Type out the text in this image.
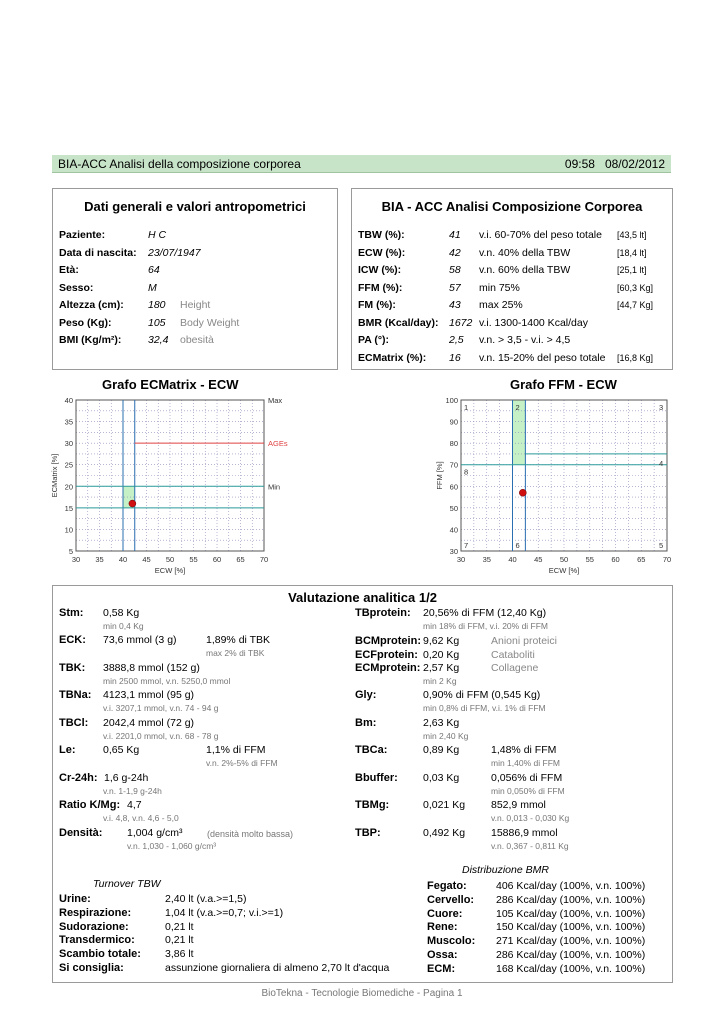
BIA-ACC Analisi della composizione corporea	09:58 08/02/2012
Dati generali e valori antropometrici
Paziente:	H C
Data di nascita: 23/07/1947
Età:	64
Sesso:	M
Altezza (cm): 180 Height
Peso (Kg):	105 Body Weight
BMI (Kg/m²):	32,4 obesità
BIA - ACC Analisi Composizione Corporea
TBW (%):	41 v.i. 60-70% del peso totale [43,5 lt]
ECW (%):	42 v.n. 40% della TBW	[18,4 lt]
ICW (%):	58 v.n. 60% della TBW	[25,1 lt]
FFM (%):	57 min 75%	[60,3 Kg]
FM (%):	43 max 25%	[44,7 Kg]
BMR (Kcal/day): 1672 v.i. 1300-1400 Kcal/day
PA (°):	2,5 v.n. > 3,5 - v.i. > 4,5
ECMatrix (%): 16 v.n. 15-20% del peso totale [16,8 Kg]
Grafo ECMatrix - ECW	Grafo FFM - ECW
30 35 40 45 50 55 60 65 70
5
10
15
20
25
30
35
40
ECW [%]
ECMatrix [%]
Max
AGEs
Min
30 35 40 45 50 55 60 65 70
30
40
50
60
70
80
90
100
ECW [%]
FFM [%]
1	2	3
4
5
6
7
8
Valutazione analitica 1/2
Stm: 0,58 Kg
min 0,4 Kg
ECK: 73,6 mmol (3 g)	1,89% di TBK
max 2% di TBK
TBK: 3888,8 mmol (152 g)
min 2500 mmol, v.n. 5250,0 mmol
TBNa: 4123,1 mmol (95 g)
v.i. 3207,1 mmol, v.n. 74 - 94 g
TBCl: 2042,4 mmol (72 g)
v.i. 2201,0 mmol, v.n. 68 - 78 g
Le:	0,65 Kg	1,1% di FFM
v.n. 2%-5% di FFM
Cr-24h: 1,6 g-24h
v.n. 1-1,9 g-24h
Ratio K/Mg: 4,7
v.i. 4,8, v.n. 4,6 - 5,0
Densità: 1,004 g/cm³	(densità molto bassa)
v.n. 1,030 - 1,060 g/cm³
TBprotein: 20,56% di FFM (12,40 Kg)
min 18% di FFM, v.i. 20% di FFM
BCMprotein: 9,62 Kg	Anioni proteici
ECFprotein: 0,20 Kg	Cataboliti
ECMprotein: 2,57 Kg	Collagene
min 2 Kg
Gly:	0,90% di FFM (0,545 Kg)
min 0,8% di FFM, v.i. 1% di FFM
Bm:	2,63 Kg
min 2,40 Kg
TBCa:	0,89 Kg	1,48% di FFM
min 1,40% di FFM
Bbuffer: 0,03 Kg	0,056% di FFM
min 0,050% di FFM
TBMg:	0,021 Kg 852,9 mmol
v.n. 0,013 - 0,030 Kg
TBP:	0,492 Kg 15886,9 mmol
v.n. 0,367 - 0,811 Kg
Turnover TBW
Urine:	2,40 lt (v.a.>=1,5)
Respirazione:	1,04 lt (v.a.>=0,7; v.i.>=1)
Sudorazione:	0,21 lt
Transdermico:	0,21 lt
Scambio totale: 3,86 lt
Si consiglia:	assunzione giornaliera di almeno 2,70 lt d'acqua
Distribuzione BMR
Fegato:	406 Kcal/day (100%, v.n. 100%)
Cervello: 286 Kcal/day (100%, v.n. 100%)
Cuore:	105 Kcal/day (100%, v.n. 100%)
Rene:	150 Kcal/day (100%, v.n. 100%)
Muscolo: 271 Kcal/day (100%, v.n. 100%)
Ossa:	286 Kcal/day (100%, v.n. 100%)
ECM:	168 Kcal/day (100%, v.n. 100%)
BioTekna - Tecnologie Biomediche - Pagina 1
